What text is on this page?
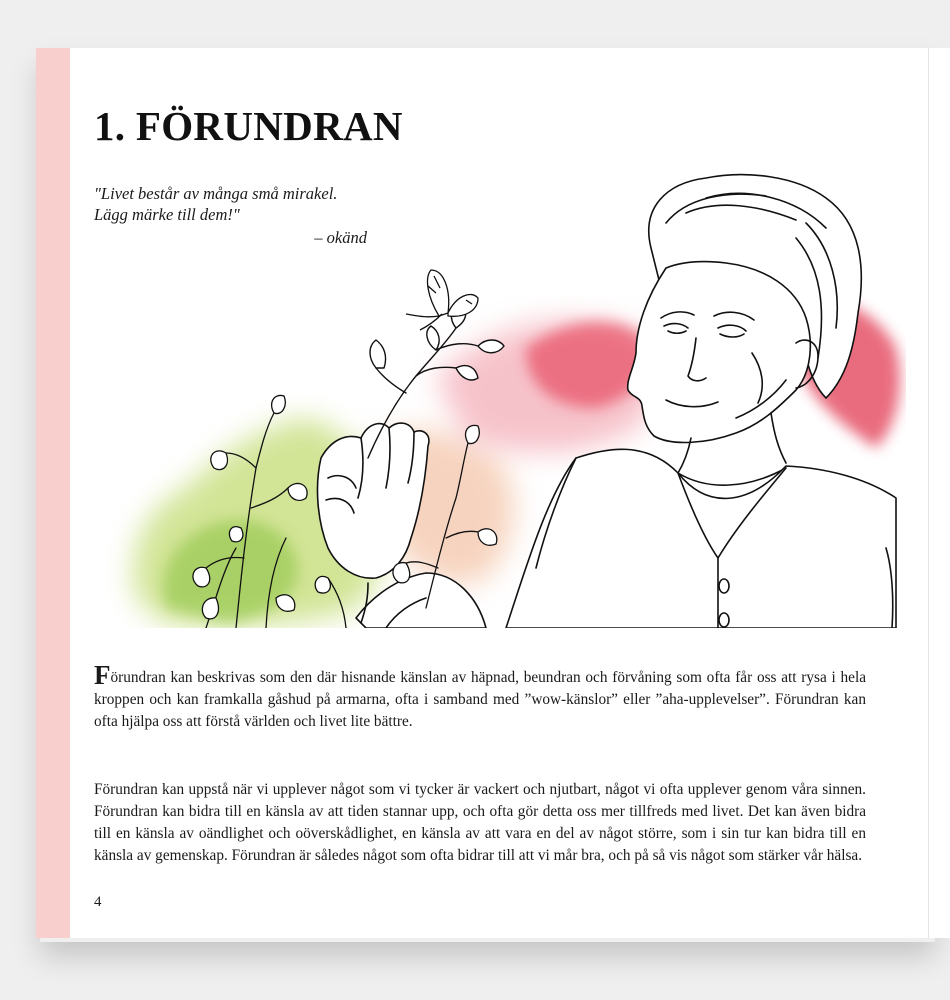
1. FÖRUNDRAN
"Livet består av många små mirakel.
Lägg märke till dem!"
– okänd

Förundran kan beskrivas som den där hisnande känslan av häpnad, beundran och förvåning som ofta får oss att rysa i hela kroppen och kan framkalla gåshud på armarna, ofta i samband med ”wow-känslor” eller ”aha-upplevelser”. Förundran kan ofta hjälpa oss att förstå världen och livet lite bättre.

Förundran kan uppstå när vi upplever något som vi tycker är vackert och njutbart, något vi ofta upplever genom våra sinnen. Förundran kan bidra till en känsla av att tiden stannar upp, och ofta gör detta oss mer tillfreds med livet. Det kan även bidra till en känsla av oändlighet och oöverskådlighet, en känsla av att vara en del av något större, som i sin tur kan bidra till en känsla av gemenskap. Förundran är således något som ofta bidrar till att vi mår bra, och på så vis något som stärker vår hälsa.

4
